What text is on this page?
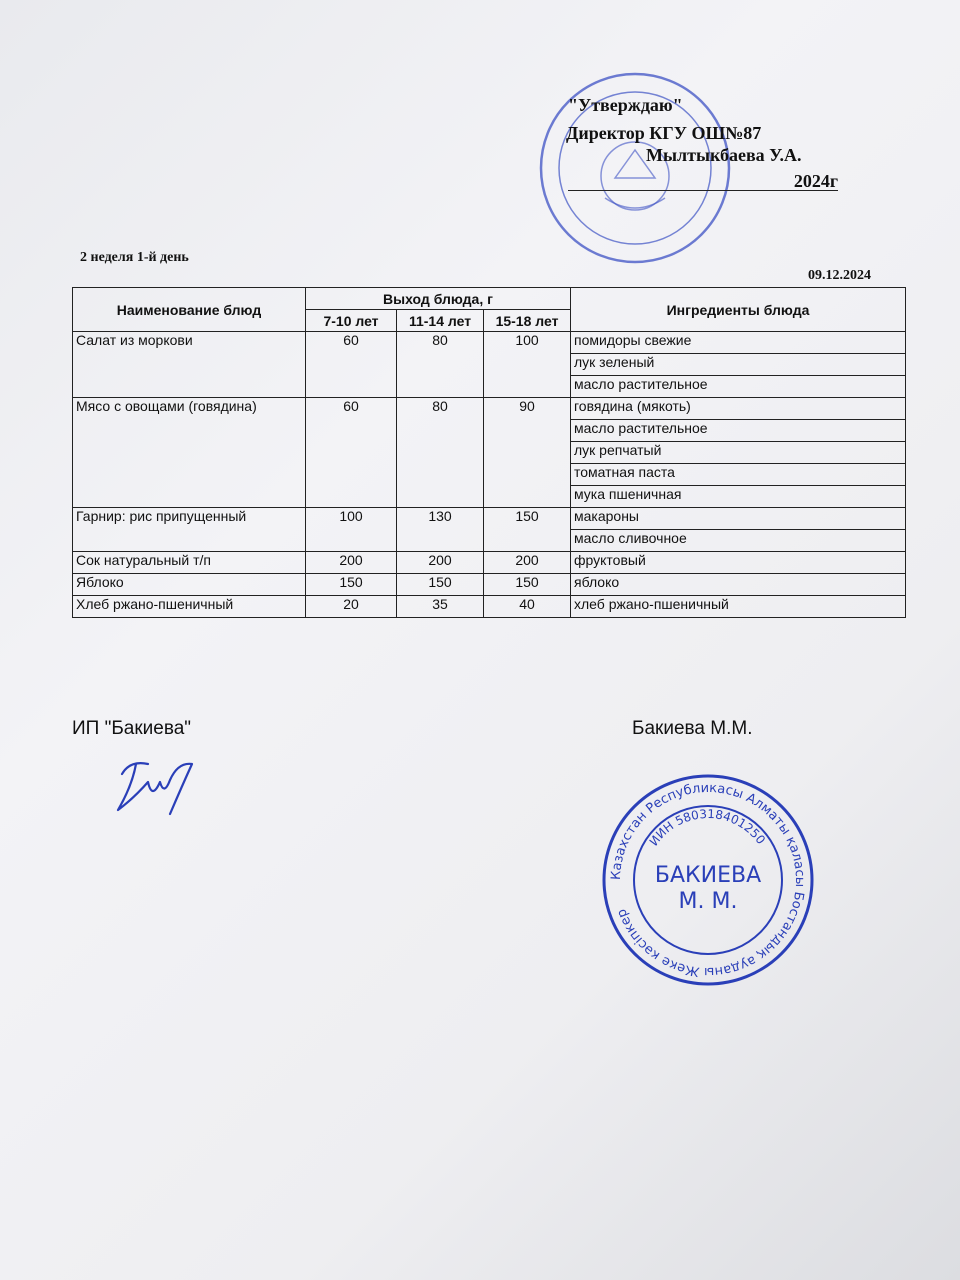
"Утверждаю"
Директор КГУ ОШ№87
Мылтыкбаева У.А.
2024г
2 неделя 1-й день
09.12.2024
Наименование блюд	Выход блюда, г			Ингредиенты блюда
	7-10 лет	11-14 лет	15-18 лет	
Салат из моркови	60	80	100	помидоры свежие
				лук зеленый
				масло растительное
Мясо с овощами (говядина)	60	80	90	говядина (мякоть)
				масло растительное
				лук репчатый
				томатная паста
				мука пшеничная
Гарнир: рис припущенный	100	130	150	макароны
				масло сливочное
Сок натуральный т/п	200	200	200	фруктовый
Яблоко	150	150	150	яблоко
Хлеб ржано-пшеничный	20	35	40	хлеб ржано-пшеничный
ИП "Бакиева"	Бакиева М.М.
Казахстан Республикасы Алматы қаласы Бостандық ауданы Жеке кәсіпкер
ИИН 580318401250
БАКИЕВА
М. М.
